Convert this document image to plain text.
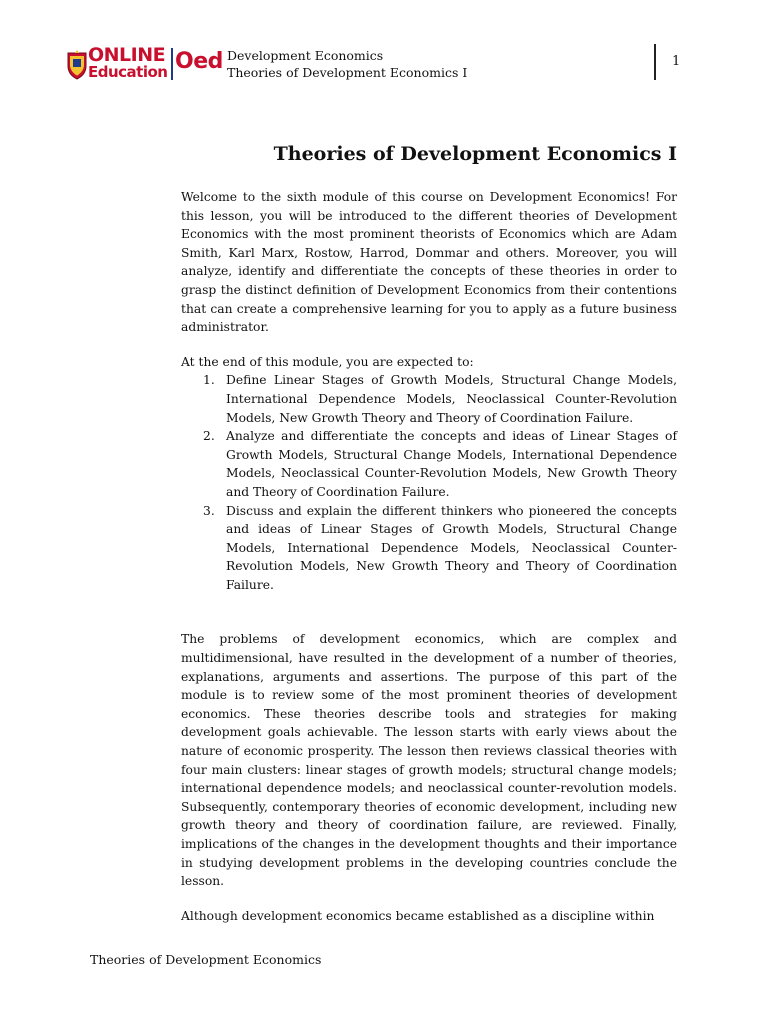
ONLINE
Education Oed Development Economics
Theories of Development Economics I
1
Theories of Development Economics I

Welcome to the sixth module of this course on Development Economics! For this lesson, you will be introduced to the different theories of Development Economics with the most prominent theorists of Economics which are Adam Smith, Karl Marx, Rostow, Harrod, Dommar and others. Moreover, you will analyze, identify and differentiate the concepts of these theories in order to grasp the distinct definition of Development Economics from their contentions that can create a comprehensive learning for you to apply as a future business administrator.

At the end of this module, you are expected to:

1. Define Linear Stages of Growth Models, Structural Change Models, International Dependence Models, Neoclassical Counter-Revolution Models, New Growth Theory and Theory of Coordination Failure.
2. Analyze and differentiate the concepts and ideas of Linear Stages of Growth Models, Structural Change Models, International Dependence Models, Neoclassical Counter-Revolution Models, New Growth Theory and Theory of Coordination Failure.
3. Discuss and explain the different thinkers who pioneered the concepts and ideas of Linear Stages of Growth Models, Structural Change Models, International Dependence Models, Neoclassical Counter-Revolution Models, New Growth Theory and Theory of Coordination Failure.

The problems of development economics, which are complex and multidimensional, have resulted in the development of a number of theories, explanations, arguments and assertions. The purpose of this part of the module is to review some of the most prominent theories of development economics. These theories describe tools and strategies for making development goals achievable. The lesson starts with early views about the nature of economic prosperity. The lesson then reviews classical theories with four main clusters: linear stages of growth models; structural change models; international dependence models; and neoclassical counter-revolution models. Subsequently, contemporary theories of economic development, including new growth theory and theory of coordination failure, are reviewed. Finally, implications of the changes in the development thoughts and their importance in studying development problems in the developing countries conclude the lesson.

Although development economics became established as a discipline within

Theories of Development Economics
